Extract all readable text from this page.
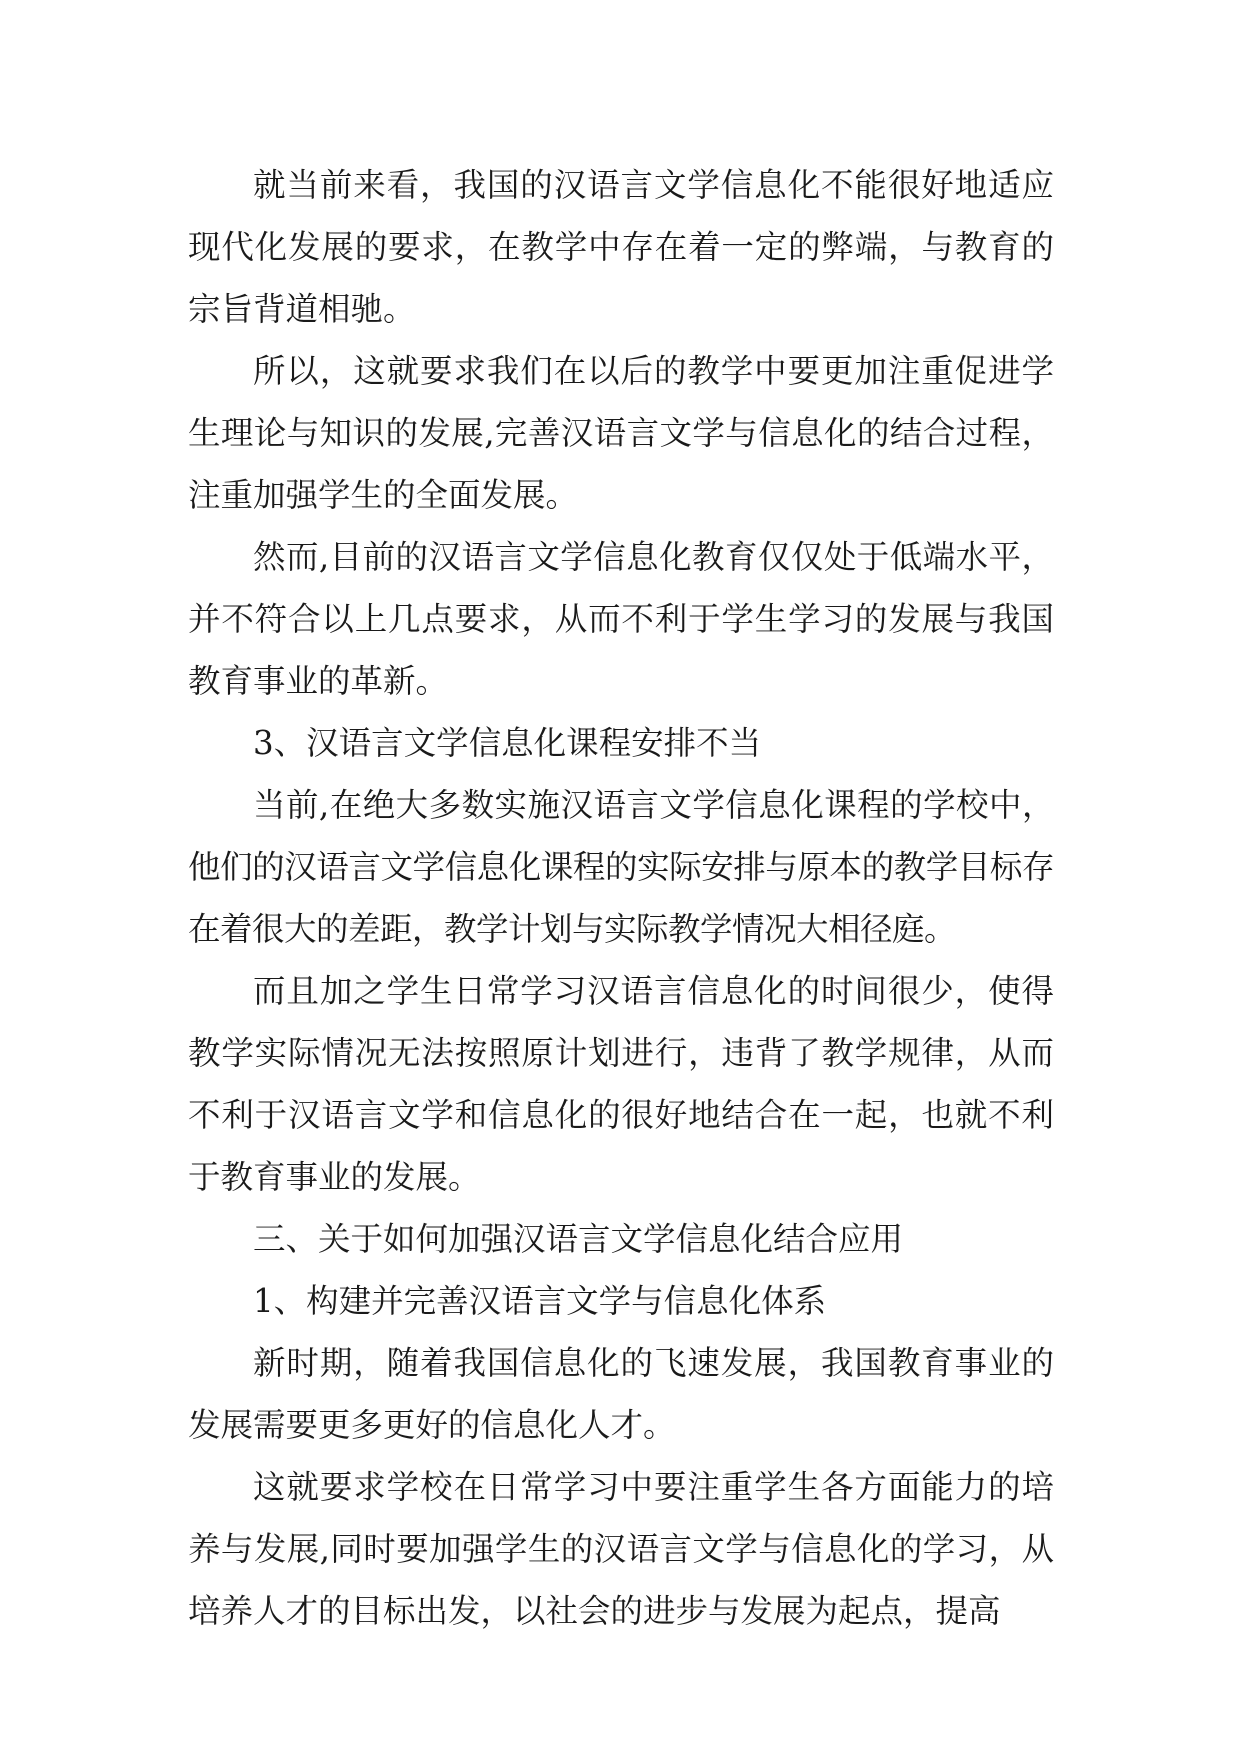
就当前来看，我国的汉语言文学信息化不能很好地适应现代化发展的要求，在教学中存在着一定的弊端，与教育的宗旨背道相驰。

所以，这就要求我们在以后的教学中要更加注重促进学生理论与知识的发展,完善汉语言文学与信息化的结合过程，注重加强学生的全面发展。

然而,目前的汉语言文学信息化教育仅仅处于低端水平，并不符合以上几点要求，从而不利于学生学习的发展与我国教育事业的革新。

3、汉语言文学信息化课程安排不当

当前,在绝大多数实施汉语言文学信息化课程的学校中，他们的汉语言文学信息化课程的实际安排与原本的教学目标存在着很大的差距，教学计划与实际教学情况大相径庭。

而且加之学生日常学习汉语言信息化的时间很少，使得教学实际情况无法按照原计划进行，违背了教学规律，从而不利于汉语言文学和信息化的很好地结合在一起，也就不利于教育事业的发展。

三、关于如何加强汉语言文学信息化结合应用

1、构建并完善汉语言文学与信息化体系

新时期，随着我国信息化的飞速发展，我国教育事业的发展需要更多更好的信息化人才。

这就要求学校在日常学习中要注重学生各方面能力的培养与发展,同时要加强学生的汉语言文学与信息化的学习，从培养人才的目标出发，以社会的进步与发展为起点，提高
